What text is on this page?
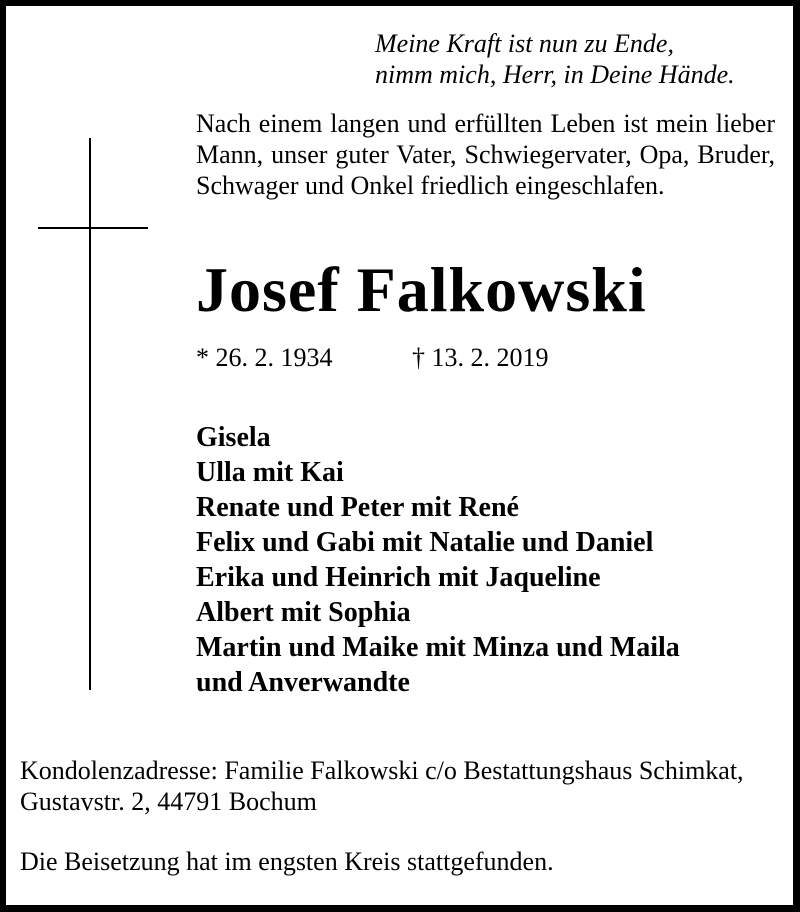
Meine Kraft ist nun zu Ende,
nimm mich, Herr, in Deine Hände.

Nach einem langen und erfüllten Leben ist mein lieber Mann, unser guter Vater, Schwiegervater, Opa, Bruder, Schwager und Onkel friedlich eingeschlafen.

Josef Falkowski
* 26. 2. 1934	† 13. 2. 2019
Gisela
Ulla mit Kai
Renate und Peter mit René
Felix und Gabi mit Natalie und Daniel
Erika und Heinrich mit Jaqueline
Albert mit Sophia
Martin und Maike mit Minza und Maila
und Anverwandte
Kondolenzadresse: Familie Falkowski c/o Bestattungshaus Schimkat,
Gustavstr. 2, 44791 Bochum
Die Beisetzung hat im engsten Kreis stattgefunden.
